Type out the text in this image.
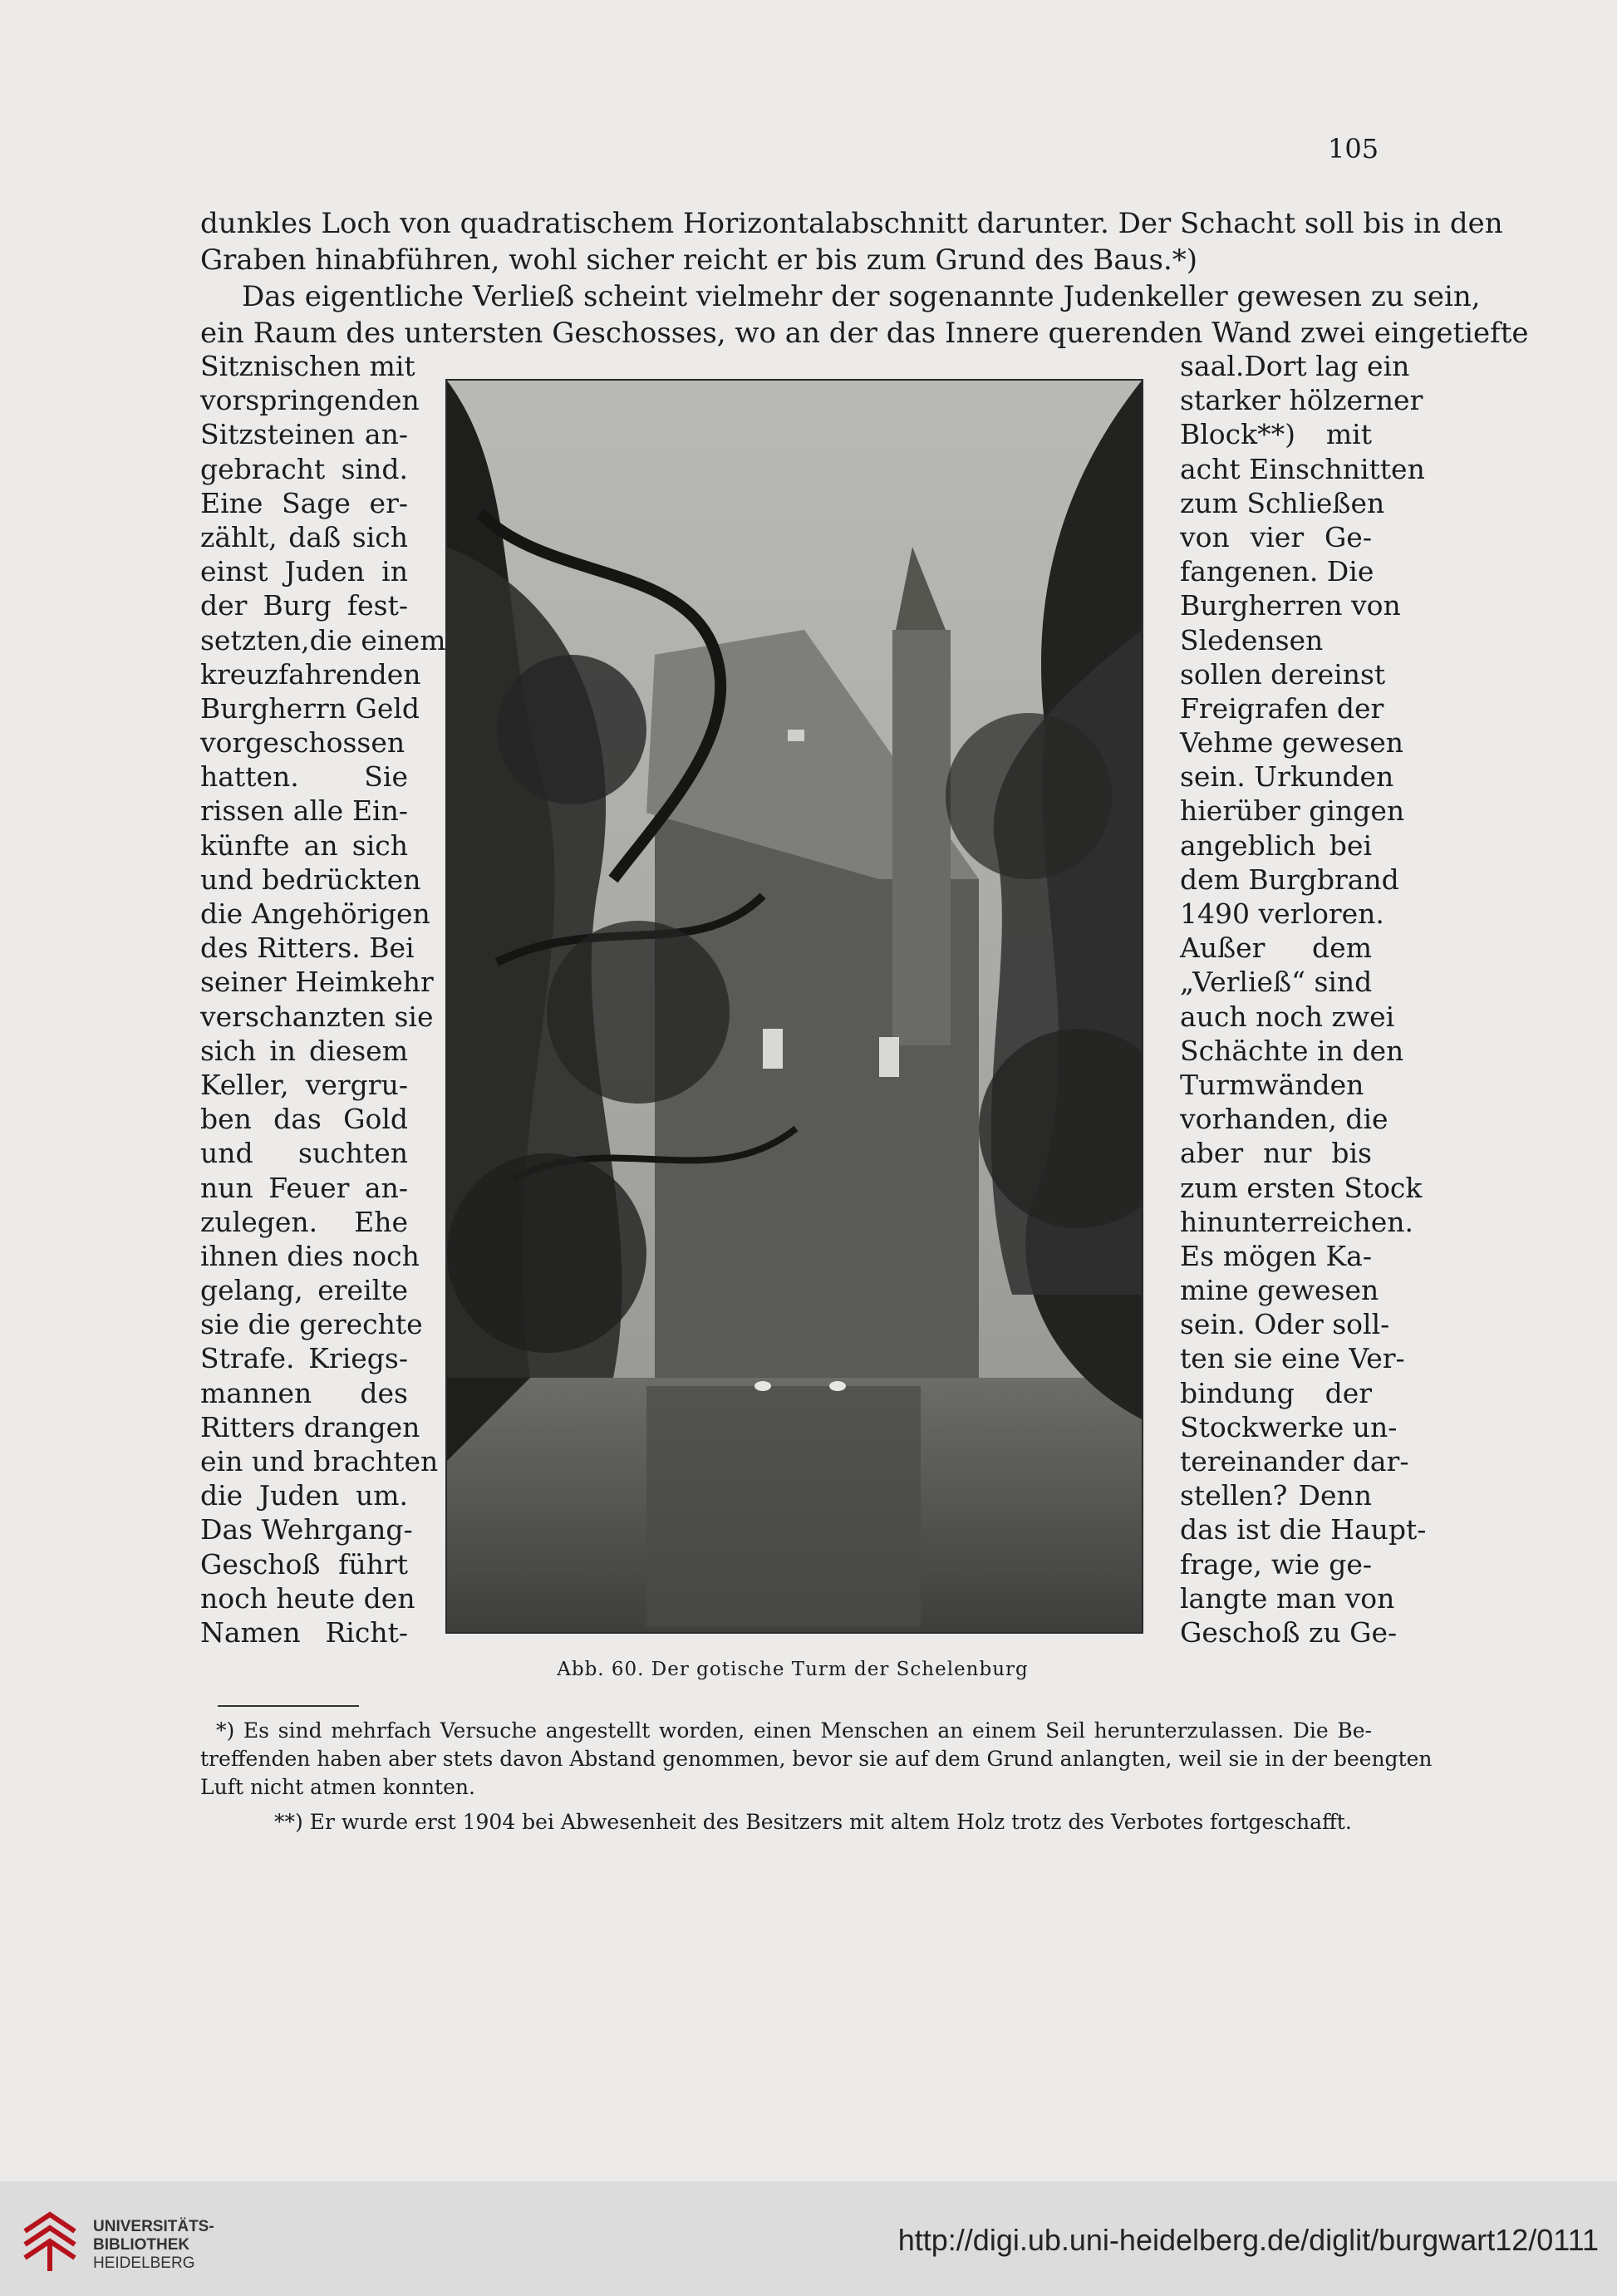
105
dunkles Loch von quadratischem Horizontalabschnitt darunter. Der Schacht soll bis in den
Graben hinabführen, wohl sicher reicht er bis zum Grund des Baus.*)
Das eigentliche Verließ scheint vielmehr der sogenannte Judenkeller gewesen zu sein,
ein Raum des untersten Geschosses, wo an der das Innere querenden Wand zwei eingetiefte
Sitznischen mit
vorspringenden
Sitzsteinen an-
gebracht sind.
Eine Sage er-
zählt, daß sich
einst Juden in
der Burg fest-
setzten,die einem
kreuzfahrenden
Burgherrn Geld
vorgeschossen
hatten. Sie
rissen alle Ein-
künfte an sich
und bedrückten
die Angehörigen
des Ritters. Bei
seiner Heimkehr
verschanzten sie
sich in diesem
Keller, vergru-
ben das Gold
und suchten
nun Feuer an-
zulegen. Ehe
ihnen dies noch
gelang, ereilte
sie die gerechte
Strafe. Kriegs-
mannen des
Ritters drangen
ein und brachten
die Juden um.
Das Wehrgang-
Geschoß führt
noch heute den
Namen Richt-
saal.Dort lag ein
starker hölzerner
Block**) mit
acht Einschnitten
zum Schließen
von vier Ge-
fangenen. Die
Burgherren von
Sledensen
sollen dereinst
Freigrafen der
Vehme gewesen
sein. Urkunden
hierüber gingen
angeblich bei
dem Burgbrand
1490 verloren.
Außer dem
„Verließ“ sind
auch noch zwei
Schächte in den
Turmwänden
vorhanden, die
aber nur bis
zum ersten Stock
hinunterreichen.
Es mögen Ka-
mine gewesen
sein. Oder soll-
ten sie eine Ver-
bindung der
Stockwerke un-
tereinander dar-
stellen? Denn
das ist die Haupt-
frage, wie ge-
langte man von
Geschoß zu Ge-
Abb. 60. Der gotische Turm der Schelenburg
*) Es sind mehrfach Versuche angestellt worden, einen Menschen an einem Seil herunterzulassen. Die Be-
treffenden haben aber stets davon Abstand genommen, bevor sie auf dem Grund anlangten, weil sie in der beengten
Luft nicht atmen konnten.
**) Er wurde erst 1904 bei Abwesenheit des Besitzers mit altem Holz trotz des Verbotes fortgeschafft.
UNIVERSITÄTS-
BIBLIOTHEK
HEIDELBERG
http://digi.ub.uni-heidelberg.de/diglit/burgwart12/0111
